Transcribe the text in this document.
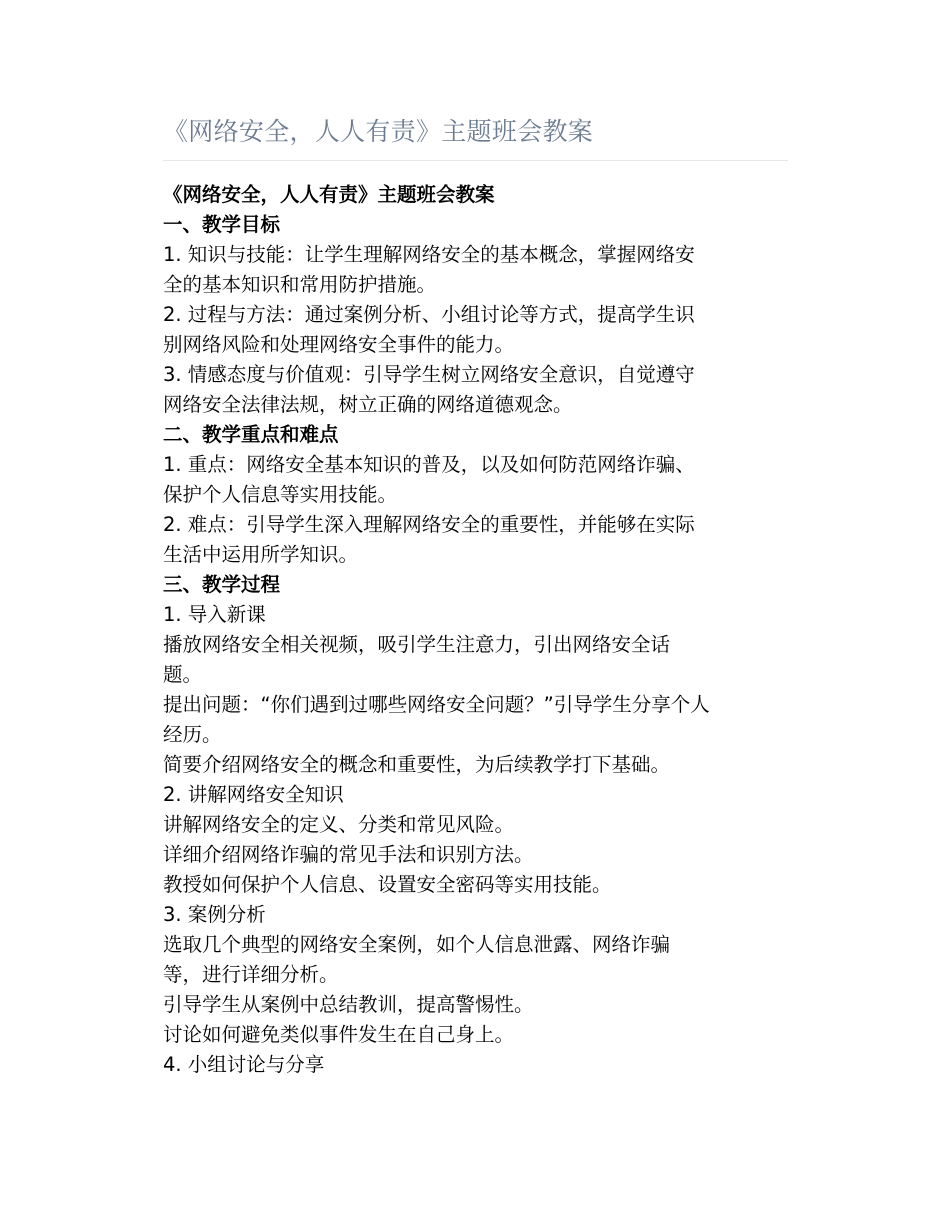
《网络安全，人人有责》主题班会教案

《网络安全，人人有责》主题班会教案

一、教学目标

1. 知识与技能：让学生理解网络安全的基本概念，掌握网络安

全的基本知识和常用防护措施。

2. 过程与方法：通过案例分析、小组讨论等方式，提高学生识

别网络风险和处理网络安全事件的能力。

3. 情感态度与价值观：引导学生树立网络安全意识，自觉遵守

网络安全法律法规，树立正确的网络道德观念。

二、教学重点和难点

1. 重点：网络安全基本知识的普及，以及如何防范网络诈骗、

保护个人信息等实用技能。

2. 难点：引导学生深入理解网络安全的重要性，并能够在实际

生活中运用所学知识。

三、教学过程

1. 导入新课

播放网络安全相关视频，吸引学生注意力，引出网络安全话

题。

提出问题：“你们遇到过哪些网络安全问题？”引导学生分享个人

经历。

简要介绍网络安全的概念和重要性，为后续教学打下基础。

2. 讲解网络安全知识

讲解网络安全的定义、分类和常见风险。

详细介绍网络诈骗的常见手法和识别方法。

教授如何保护个人信息、设置安全密码等实用技能。

3. 案例分析

选取几个典型的网络安全案例，如个人信息泄露、网络诈骗

等，进行详细分析。

引导学生从案例中总结教训，提高警惕性。

讨论如何避免类似事件发生在自己身上。

4. 小组讨论与分享
